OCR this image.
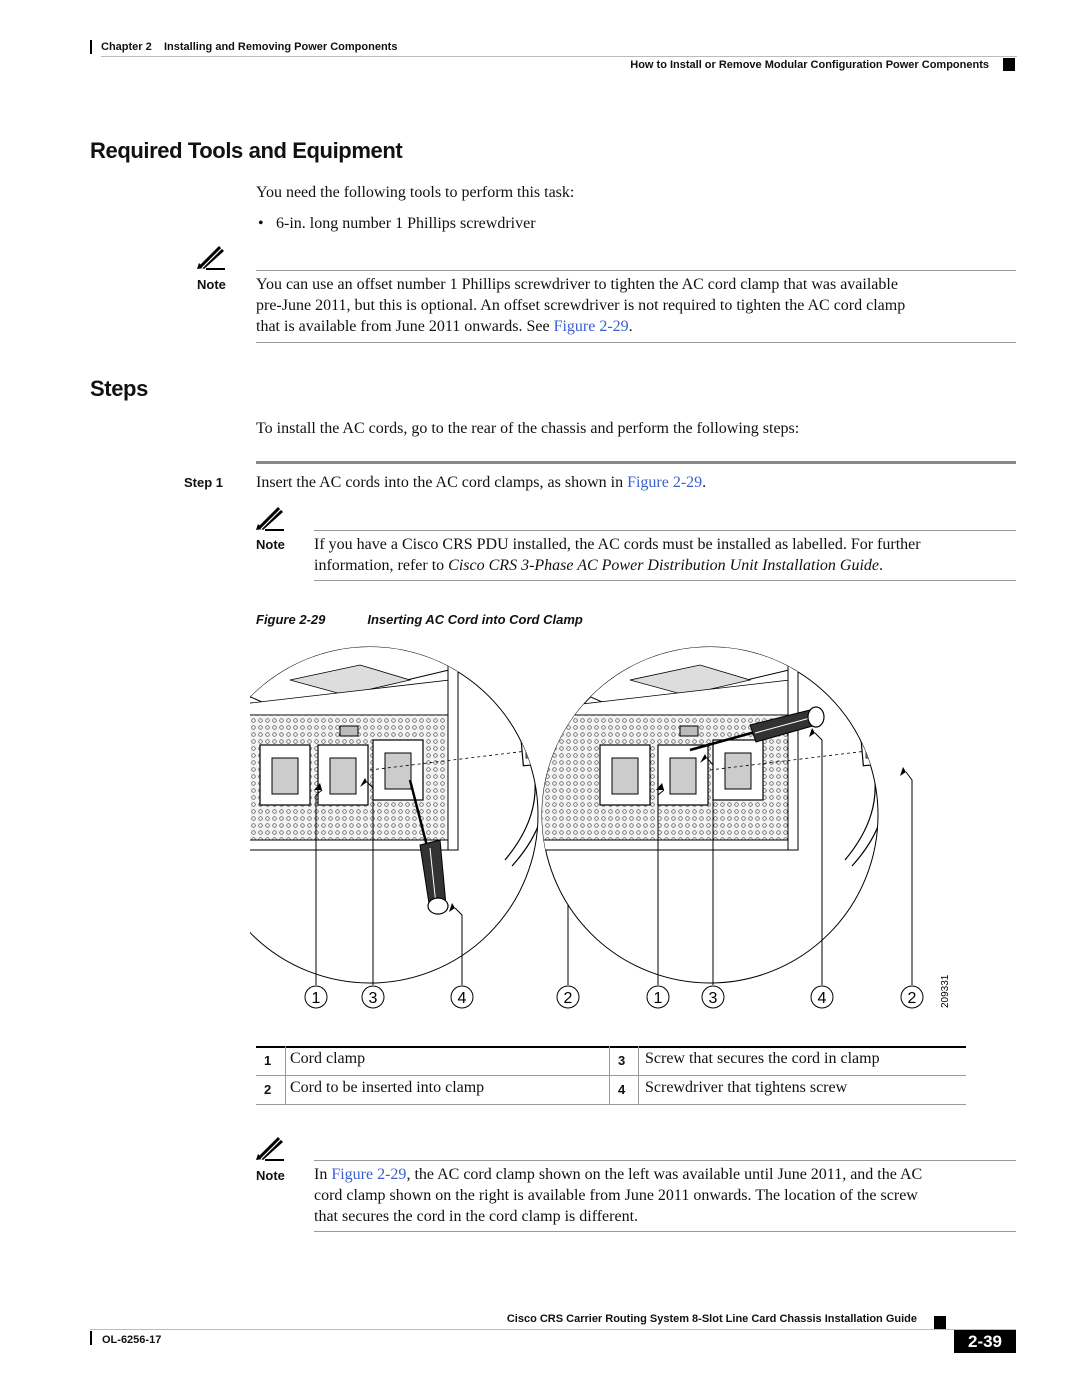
Chapter 2 Installing and Removing Power Components
How to Install or Remove Modular Configuration Power Components
Required Tools and Equipment
You need the following tools to perform this task:
• 6-in. long number 1 Phillips screwdriver
Note You can use an offset number 1 Phillips screwdriver to tighten the AC cord clamp that was available
pre-June 2011, but this is optional. An offset screwdriver is not required to tighten the AC cord clamp
that is available from June 2011 onwards. See Figure 2-29.
Steps
To install the AC cords, go to the rear of the chassis and perform the following steps:
Step 1 Insert the AC cords into the AC cord clamps, as shown in Figure 2-29.
Note If you have a Cisco CRS PDU installed, the AC cords must be installed as labelled. For further
information, refer to Cisco CRS 3-Phase AC Power Distribution Unit Installation Guide.
Figure 2-29	Inserting AC Cord into Cord Clamp
1	3	4	2	1	3	4	2 209331
1 Cord clamp	3 Screw that secures the cord in clamp
2 Cord to be inserted into clamp	4 Screwdriver that tightens screw
Note In Figure 2-29, the AC cord clamp shown on the left was available until June 2011, and the AC
cord clamp shown on the right is available from June 2011 onwards. The location of the screw
that secures the cord in the cord clamp is different.
Cisco CRS Carrier Routing System 8-Slot Line Card Chassis Installation Guide
OL-6256-17	2-39
